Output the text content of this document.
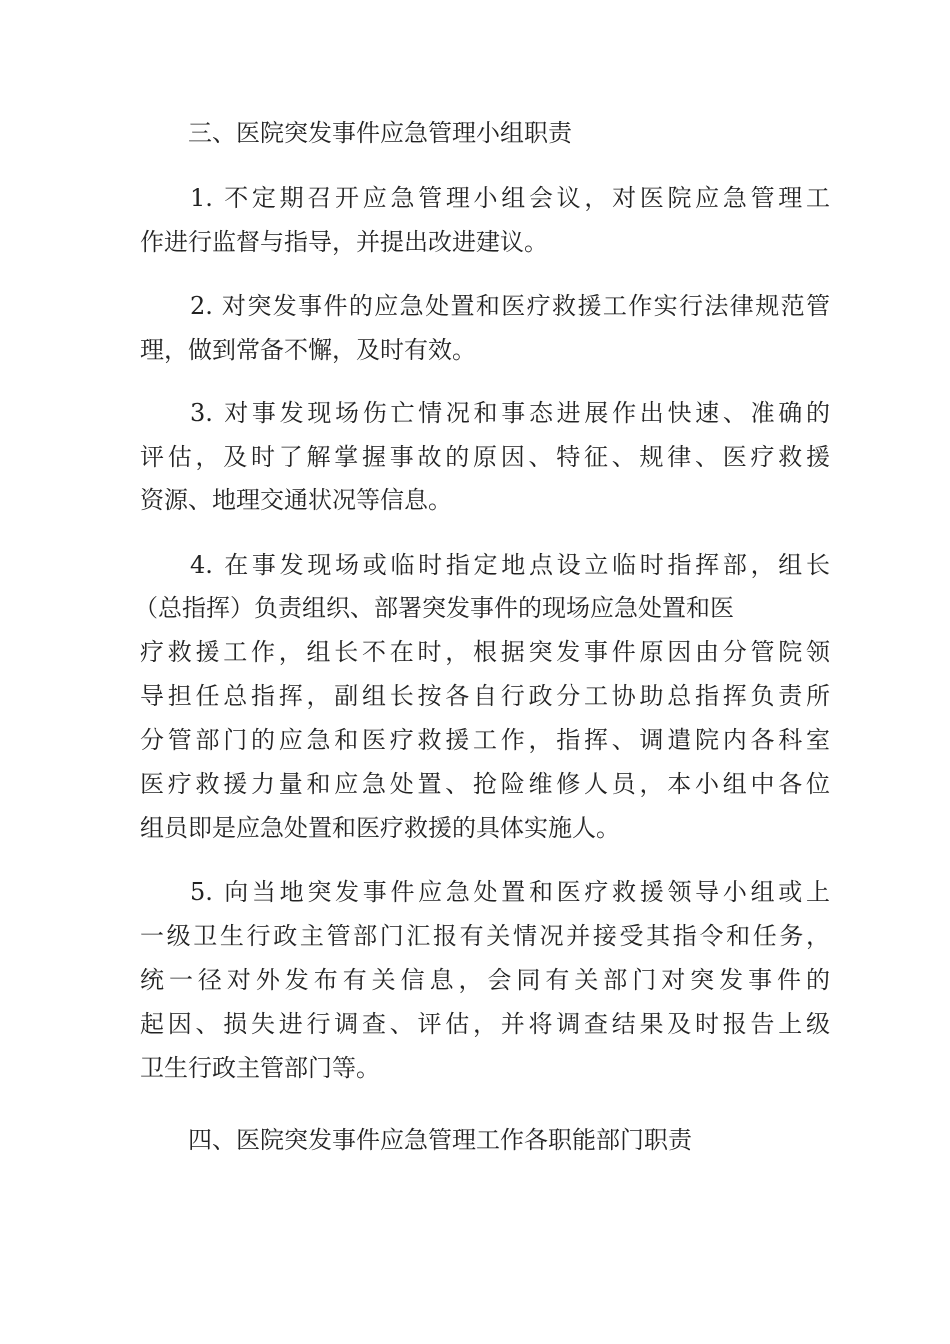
三、医院突发事件应急管理小组职责
1. 不定期召开应急管理小组会议，对医院应急管理工
作进行监督与指导，并提出改进建议。
2. 对突发事件的应急处置和医疗救援工作实行法律规范管
理，做到常备不懈，及时有效。
3. 对事发现场伤亡情况和事态进展作出快速、准确的
评估，及时了解掌握事故的原因、特征、规律、医疗救援
资源、地理交通状况等信息。
4. 在事发现场或临时指定地点设立临时指挥部，组长
（总指挥）负责组织、部署突发事件的现场应急处置和医
疗救援工作，组长不在时，根据突发事件原因由分管院领
导担任总指挥，副组长按各自行政分工协助总指挥负责所
分管部门的应急和医疗救援工作，指挥、调遣院内各科室
医疗救援力量和应急处置、抢险维修人员，本小组中各位
组员即是应急处置和医疗救援的具体实施人。
5. 向当地突发事件应急处置和医疗救援领导小组或上
一级卫生行政主管部门汇报有关情况并接受其指令和任务，
统一径对外发布有关信息，会同有关部门对突发事件的
起因、损失进行调查、评估，并将调查结果及时报告上级
卫生行政主管部门等。
四、医院突发事件应急管理工作各职能部门职责
